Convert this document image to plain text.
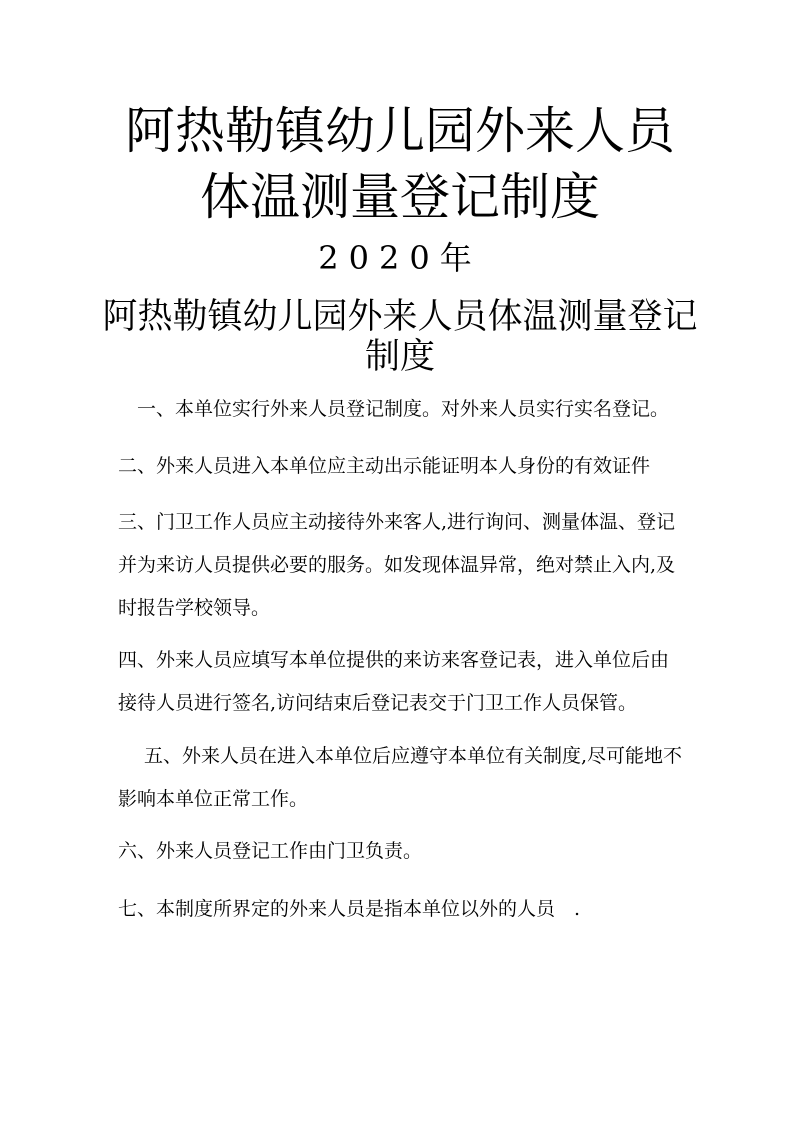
阿热勒镇幼儿园外来人员
体温测量登记制度
2020年
阿热勒镇幼儿园外来人员体温测量登记
制度

一、本单位实行外来人员登记制度。对外来人员实行实名登记。

二、外来人员进入本单位应主动出示能证明本人身份的有效证件

三、门卫工作人员应主动接待外来客人,进行询问、测量体温、登记并为来访人员提供必要的服务。如发现体温异常，绝对禁止入内,及时报告学校领导。

四、外来人员应填写本单位提供的来访来客登记表，进入单位后由接待人员进行签名,访问结束后登记表交于门卫工作人员保管。

五、外来人员在进入本单位后应遵守本单位有关制度,尽可能地不影响本单位正常工作。

六、外来人员登记工作由门卫负责。

七、本制度所界定的外来人员是指本单位以外的人员　.
